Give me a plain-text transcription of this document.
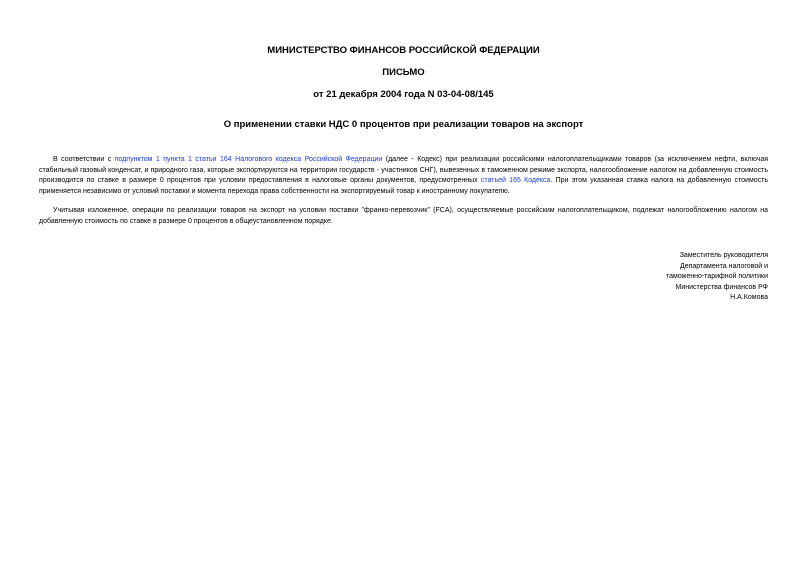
МИНИСТЕРСТВО ФИНАНСОВ РОССИЙСКОЙ ФЕДЕРАЦИИ
ПИСЬМО
от 21 декабря 2004 года N 03-04-08/145
О применении ставки НДС 0 процентов при реализации товаров на экспорт

В соответствии с подпунктом 1 пункта 1 статьи 164 Налогового кодекса Российской Федерации (далее - Кодекс) при реализации российскими налогоплательщиками товаров (за исключением нефти, включая стабильный газовый конденсат, и природного газа, которые экспортируются на территории государств - участников СНГ), вывезенных в таможенном режиме экспорта, налогообложение налогом на добавленную стоимость производится по ставке в размере 0 процентов при условии предоставления в налоговые органы документов, предусмотренных статьей 165 Кодекса. При этом указанная ставка налога на добавленную стоимость применяется независимо от условий поставки и момента перехода права собственности на экспортируемый товар к иностранному покупателю.

Учитывая изложенное, операции по реализации товаров на экспорт на условии поставки "франко-перевозчик" (FCA), осуществляемые российским налогоплательщиком, подлежат налогообложению налогом на добавленную стоимость по ставке в размере 0 процентов в общеустановленном порядке.

Заместитель руководителя
Департамента налоговой и
таможенно-тарифной политики
Министерства финансов РФ
Н.А.Комова
